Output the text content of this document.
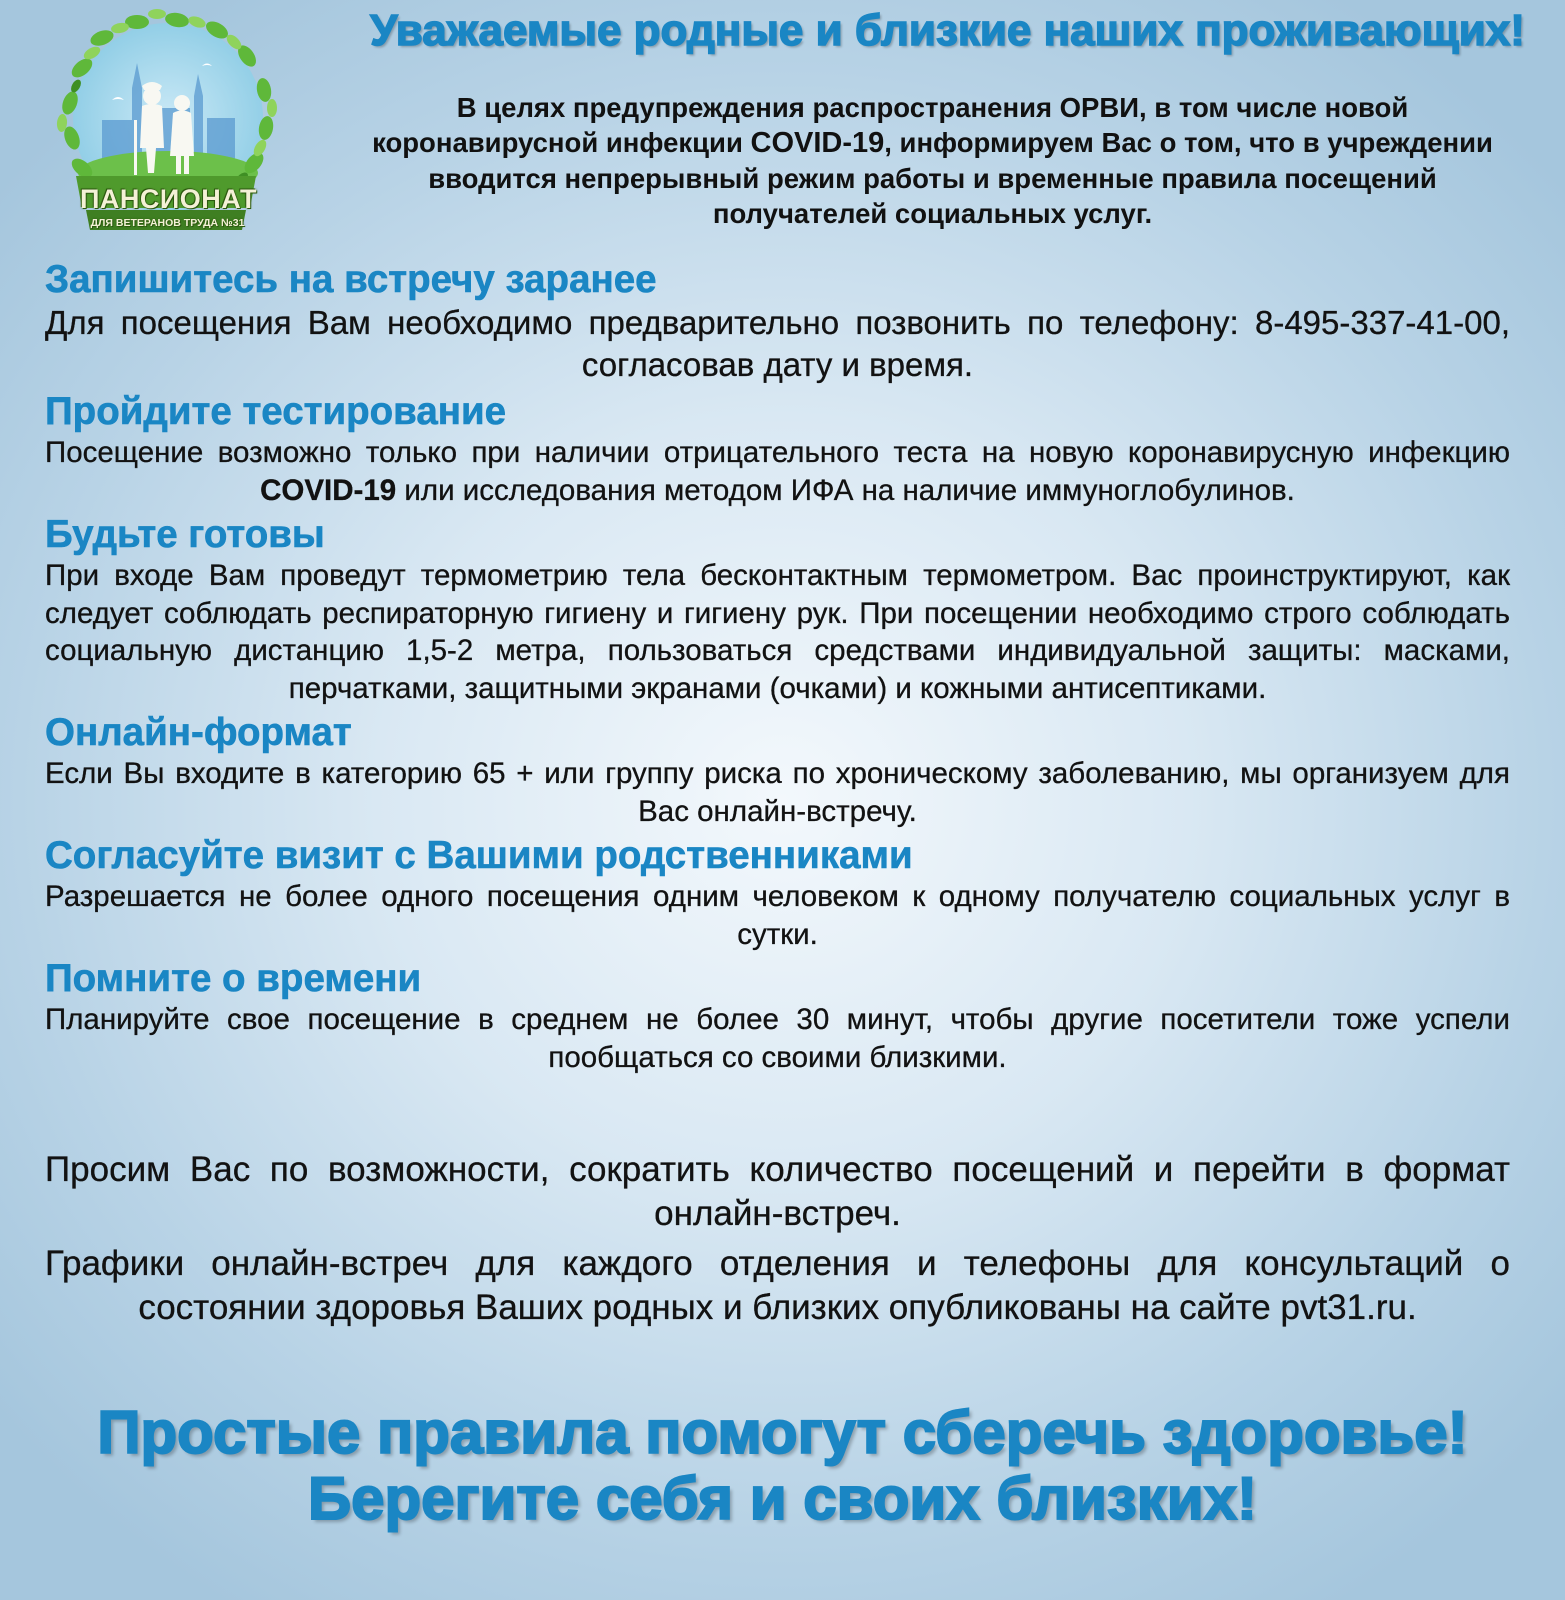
ПАНСИОНАТ
ДЛЯ ВЕТЕРАНОВ ТРУДА №31
Уважаемые родные и близкие наших проживающих!
В целях предупреждения распространения ОРВИ, в том числе новой коронавирусной инфекции COVID-19, информируем Вас о том, что в учреждении вводится непрерывный режим работы и временные правила посещений получателей социальных услуг.
Запишитесь на встречу заранее

Для посещения Вам необходимо предварительно позвонить по телефону: 8-495-337-41-00, согласовав дату и время.

Пройдите тестирование

Посещение возможно только при наличии отрицательного теста на новую коронавирусную инфекцию COVID-19 или исследования методом ИФА на наличие иммуноглобулинов.

Будьте готовы

При входе Вам проведут термометрию тела бесконтактным термометром. Вас проинструктируют, как следует соблюдать респираторную гигиену и гигиену рук. При посещении необходимо строго соблюдать социальную дистанцию 1,5-2 метра, пользоваться средствами индивидуальной защиты: масками, перчатками, защитными экранами (очками) и кожными антисептиками.

Онлайн-формат

Если Вы входите в категорию 65 + или группу риска по хроническому заболеванию, мы организуем для Вас онлайн-встречу.

Согласуйте визит с Вашими родственниками

Разрешается не более одного посещения одним человеком к одному получателю социальных услуг в сутки.

Помните о времени

Планируйте свое посещение в среднем не более 30 минут, чтобы другие посетители тоже успели пообщаться со своими близкими.

Просим Вас по возможности, сократить количество посещений и перейти в формат онлайн-встреч.

Графики онлайн-встреч для каждого отделения и телефоны для консультаций о состоянии здоровья Ваших родных и близких опубликованы на сайте pvt31.ru.

Простые правила помогут сберечь здоровье!
Берегите себя и своих близких!
